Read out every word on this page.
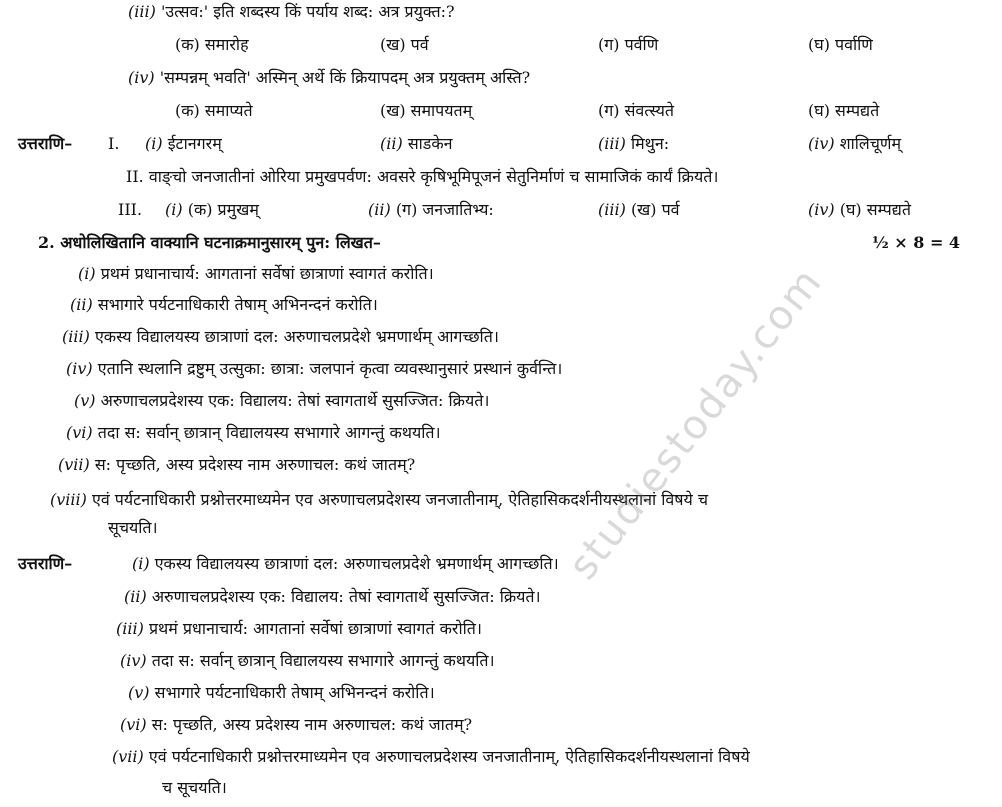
(iii) 'उत्सव:' इति शब्दस्य किं पर्याय शब्द: अत्र प्रयुक्त:?
(क) समारोह	(ख) पर्व	(ग) पर्वणि	(घ) पर्वाणि
(iv) 'सम्पन्नम् भवति' अस्मिन् अर्थे किं क्रियापदम् अत्र प्रयुक्तम् अस्ति?
(क) समाप्यते	(ख) समापयतम्	(ग) संवत्स्यते	(घ) सम्पद्यते
उत्तराणि– I. (i) ईटानगरम्	(ii) साडकेन	(iii) मिथुन:	(iv) शालिचूर्णम्
II. वाङ्चो जनजातीनां ओरिया प्रमुखपर्वण: अवसरे कृषिभूमिपूजनं सेतुनिर्माणं च सामाजिकं कार्यं क्रियते।
III. (i) (क) प्रमुखम्	(ii) (ग) जनजातिभ्य:	(iii) (ख) पर्व	(iv) (घ) सम्पद्यते
2. अधोलिखितानि वाक्यानि घटनाक्रमानुसारम् पुन: लिखत–	½ × 8 = 4
(i) प्रथमं प्रधानाचार्य: आगतानां सर्वेषां छात्राणां स्वागतं करोति।
(ii) सभागारे पर्यटनाधिकारी तेषाम् अभिनन्दनं करोति।
(iii) एकस्य विद्यालयस्य छात्राणां दल: अरुणाचलप्रदेशे भ्रमणार्थम् आगच्छति।
(iv) एतानि स्थलानि द्रष्टुम् उत्सुका: छात्रा: जलपानं कृत्वा व्यवस्थानुसारं प्रस्थानं कुर्वन्ति।
(v) अरुणाचलप्रदेशस्य एक: विद्यालय: तेषां स्वागतार्थे सुसज्जित: क्रियते।
(vi) तदा स: सर्वान् छात्रान् विद्यालयस्य सभागारे आगन्तुं कथयति।
(vii) स: पृच्छति, अस्य प्रदेशस्य नाम अरुणाचल: कथं जातम्?
(viii) एवं पर्यटनाधिकारी प्रश्नोत्तरमाध्यमेन एव अरुणाचलप्रदेशस्य जनजातीनाम्, ऐतिहासिकदर्शनीयस्थलानां विषये च
सूचयति।
उत्तराणि–	(i) एकस्य विद्यालयस्य छात्राणां दल: अरुणाचलप्रदेशे भ्रमणार्थम् आगच्छति।
(ii) अरुणाचलप्रदेशस्य एक: विद्यालय: तेषां स्वागतार्थे सुसज्जित: क्रियते।
(iii) प्रथमं प्रधानाचार्य: आगतानां सर्वेषां छात्राणां स्वागतं करोति।
(iv) तदा स: सर्वान् छात्रान् विद्यालयस्य सभागारे आगन्तुं कथयति।
(v) सभागारे पर्यटनाधिकारी तेषाम् अभिनन्दनं करोति।
(vi) स: पृच्छति, अस्य प्रदेशस्य नाम अरुणाचल: कथं जातम्?
(vii) एवं पर्यटनाधिकारी प्रश्नोत्तरमाध्यमेन एव अरुणाचलप्रदेशस्य जनजातीनाम्, ऐतिहासिकदर्शनीयस्थलानां विषये
च सूचयति।
studiestoday.com
